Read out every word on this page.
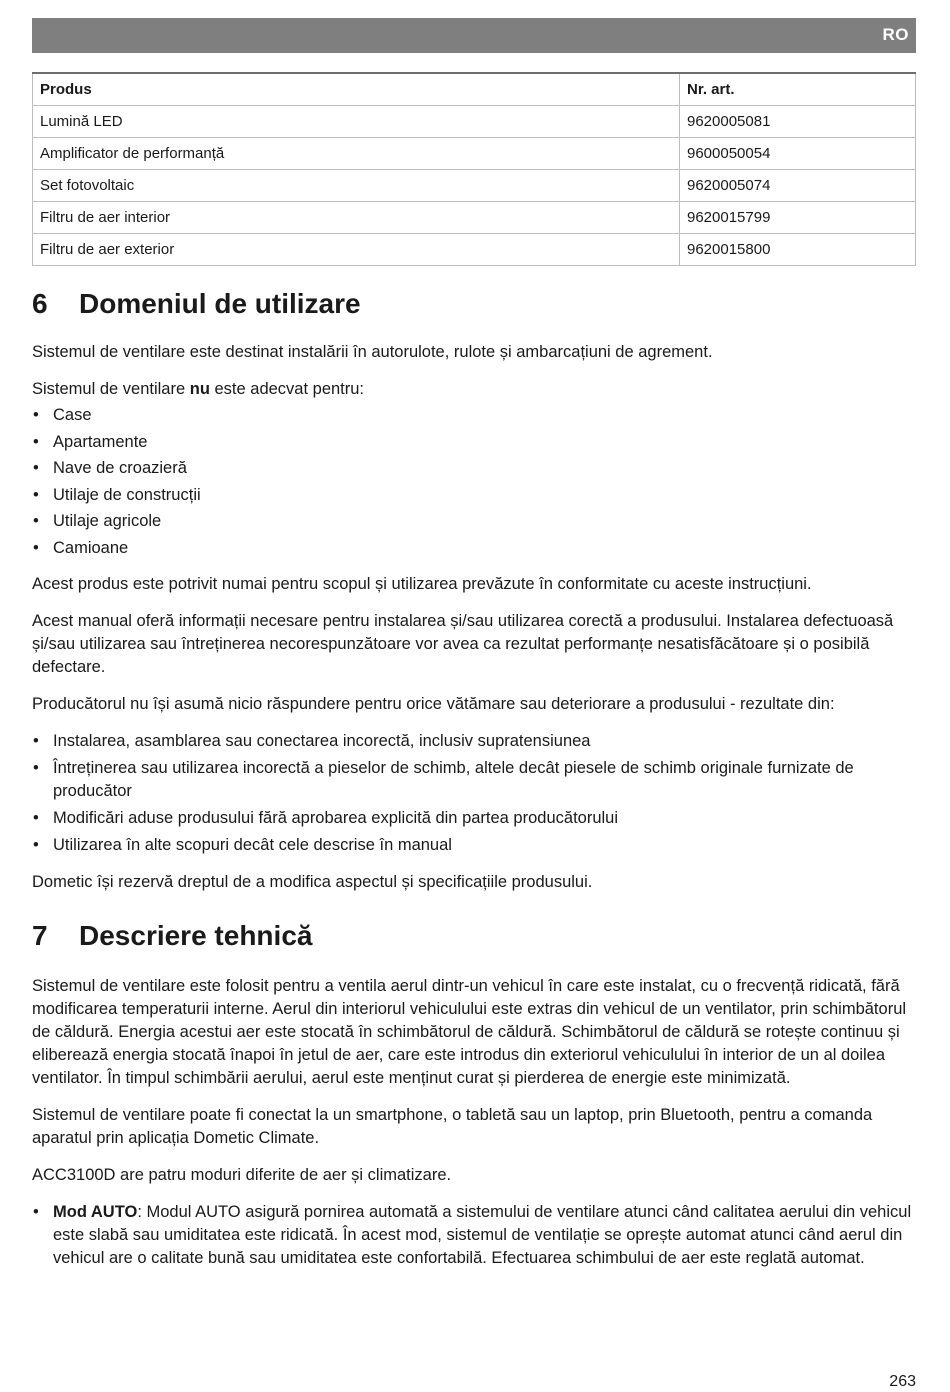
RO
Produs	Nr. art.
Lumină LED	9620005081
Amplificator de performanță	9600050054
Set fotovoltaic	9620005074
Filtru de aer interior	9620015799
Filtru de aer exterior	9620015800
6 Domeniul de utilizare

Sistemul de ventilare este destinat instalării în autorulote, rulote și ambarcațiuni de agrement.

Sistemul de ventilare nu este adecvat pentru:

• Case
• Apartamente
• Nave de croazieră
• Utilaje de construcții
• Utilaje agricole
• Camioane

Acest produs este potrivit numai pentru scopul și utilizarea prevăzute în conformitate cu aceste instrucțiuni.

Acest manual oferă informații necesare pentru instalarea și/sau utilizarea corectă a produsului. Instalarea defectuoasă și/sau utilizarea sau întreținerea necorespunzătoare vor avea ca rezultat performanțe nesatisfăcătoare și o posibilă defectare.

Producătorul nu își asumă nicio răspundere pentru orice vătămare sau deteriorare a produsului - rezultate din:

• Instalarea, asamblarea sau conectarea incorectă, inclusiv supratensiunea
• Întreținerea sau utilizarea incorectă a pieselor de schimb, altele decât piesele de schimb originale furnizate de producător
• Modificări aduse produsului fără aprobarea explicită din partea producătorului
• Utilizarea în alte scopuri decât cele descrise în manual

Dometic își rezervă dreptul de a modifica aspectul și specificațiile produsului.

7 Descriere tehnică

Sistemul de ventilare este folosit pentru a ventila aerul dintr-un vehicul în care este instalat, cu o frecvență ridicată, fără modificarea temperaturii interne. Aerul din interiorul vehiculului este extras din vehicul de un ventilator, prin schimbătorul de căldură. Energia acestui aer este stocată în schimbătorul de căldură. Schimbătorul de căldură se rotește continuu și eliberează energia stocată înapoi în jetul de aer, care este introdus din exteriorul vehiculului în interior de un al doilea ventilator. În timpul schimbării aerului, aerul este menținut curat și pierderea de energie este minimizată.

Sistemul de ventilare poate fi conectat la un smartphone, o tabletă sau un laptop, prin Bluetooth, pentru a comanda aparatul prin aplicația Dometic Climate.

ACC3100D are patru moduri diferite de aer și climatizare.

• Mod AUTO: Modul AUTO asigură pornirea automată a sistemului de ventilare atunci când calitatea aerului din vehicul este slabă sau umiditatea este ridicată. În acest mod, sistemul de ventilație se oprește automat atunci când aerul din vehicul are o calitate bună sau umiditatea este confortabilă. Efectuarea schimbului de aer este reglată automat.
263
